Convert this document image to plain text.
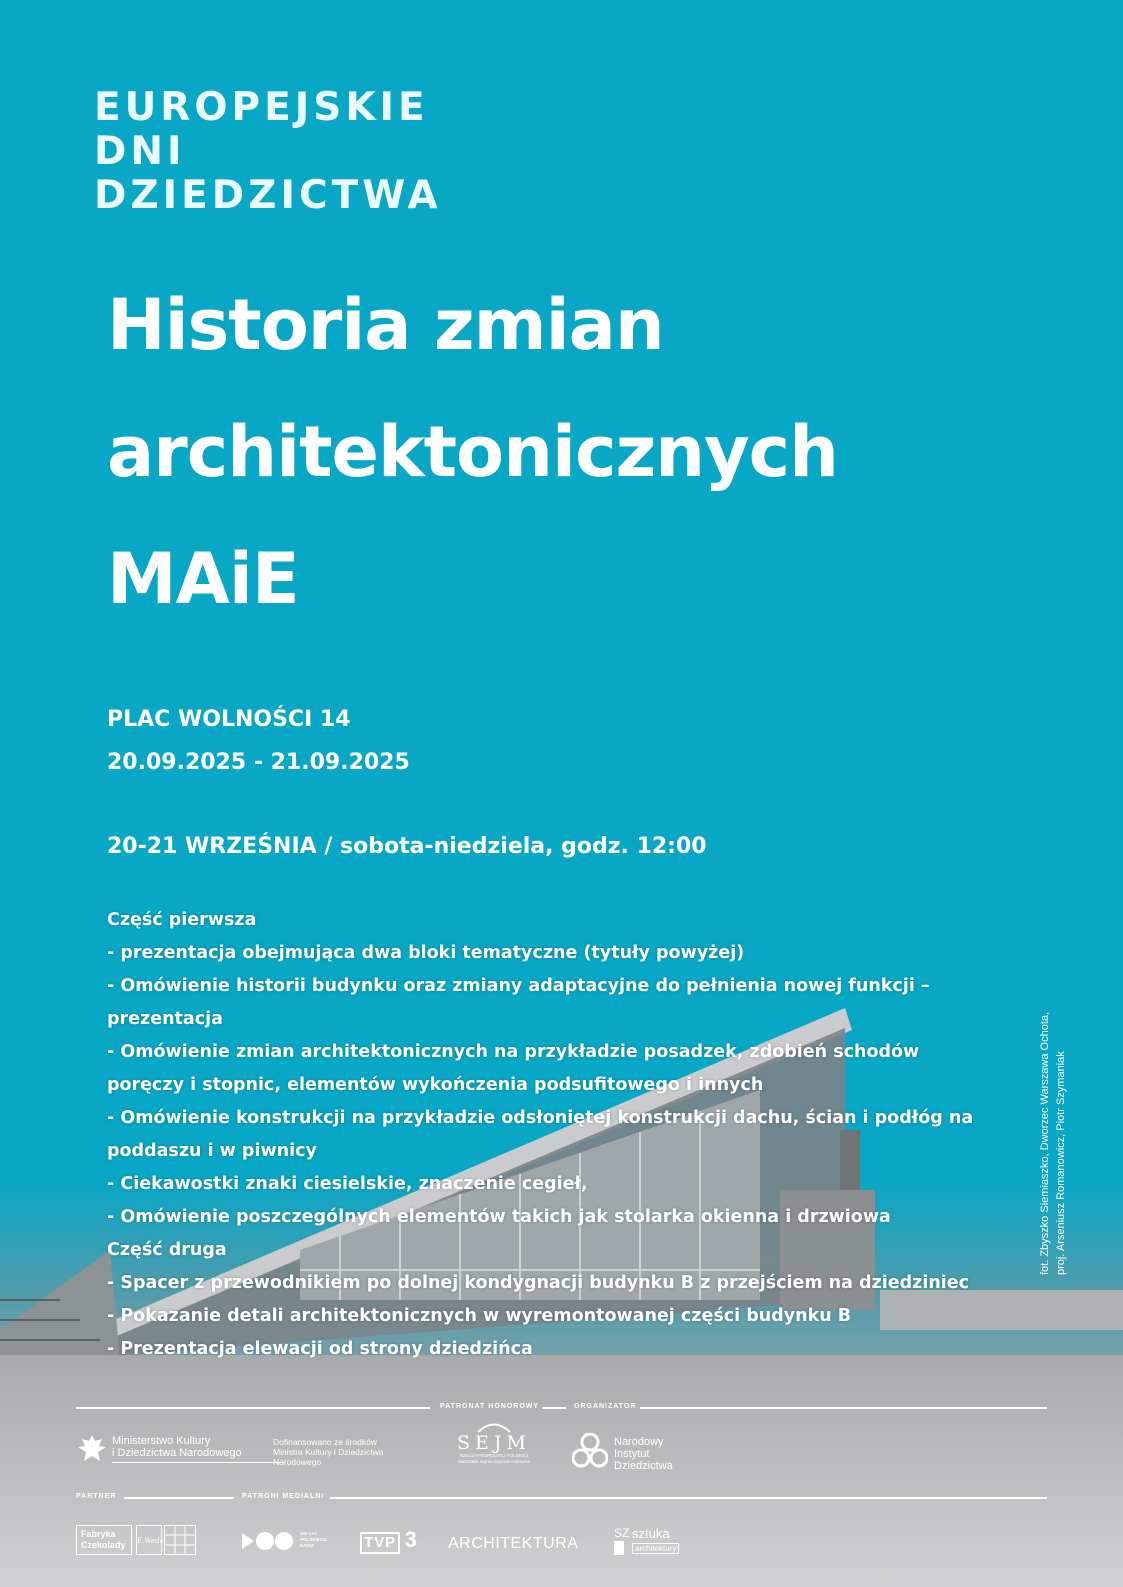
EUROPEJSKIE
DNI
DZIEDZICTWA
Historia zmian
architektonicznych
MAiE
PLAC WOLNOŚCI 14
20.09.2025 - 21.09.2025
20-21 WRZEŚNIA / sobota-niedziela, godz. 12:00
Część pierwsza
- prezentacja obejmująca dwa bloki tematyczne (tytuły powyżej)
- Omówienie historii budynku oraz zmiany adaptacyjne do pełnienia nowej funkcji –
prezentacja
- Omówienie zmian architektonicznych na przykładzie posadzek, zdobień schodów
poręczy i stopnic, elementów wykończenia podsufitowego i innych
- Omówienie konstrukcji na przykładzie odsłoniętej konstrukcji dachu, ścian i podłóg na
poddaszu i w piwnicy
- Ciekawostki znaki ciesielskie, znaczenie cegieł,
- Omówienie poszczególnych elementów takich jak stolarka okienna i drzwiowa
Część druga
- Spacer z przewodnikiem po dolnej kondygnacji budynku B z przejściem na dziedziniec
- Pokazanie detali architektonicznych w wyremontowanej części budynku B
- Prezentacja elewacji od strony dziedzińca
fot. Zbyszko Siemiaszko, Dworzec Warszawa Ochota, proj. Arseniusz Romanowicz, Piotr Szymaniak
PATRONAT HONOROWY	ORGANIZATOR
Ministerstwo Kultury
i Dziedzictwa Narodowego
Dofinansowano ze środków
Ministra Kultury i Dziedzictwa
Narodowego
SEJM
RZECZYPOSPOLITEJ POLSKIEJ
Marszałek Sejmu Szymon Hołownia
Narodowy
Instytut
Dziedzictwa
PARTNER	PATRONI MEDIALNI
Fabryka
Czekolady E.Wedel
100 LAT
POLSKIEGO
RADIA	TVP 3 ARCHITEKTURA
SZ sztuka
architektury
